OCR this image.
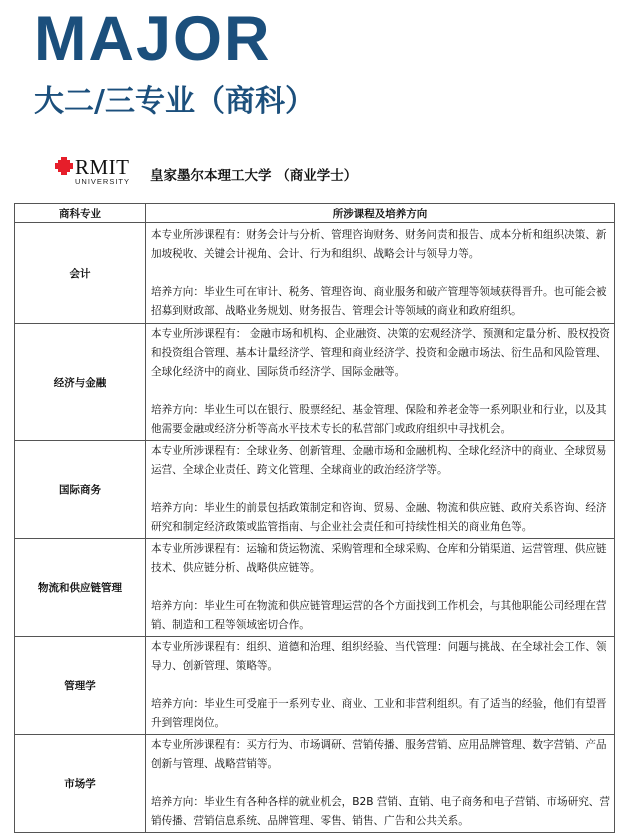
MAJOR
大二/三专业（商科）
RMIT
UNIVERSITY 皇家墨尔本理工大学 （商业学士）
商科专业	所涉课程及培养方向
会计	本专业所涉课程有：财务会计与分析、管理咨询财务、财务问责和报告、成本分析和组织决策、新加坡税收、关键会计视角、会计、行为和组织、战略会计与领导力等。

培养方向：毕业生可在审计、税务、管理咨询、商业服务和破产管理等领域获得晋升。也可能会被招募到财政部、战略业务规划、财务报告、管理会计等领域的商业和政府组织。

经济与金融	本专业所涉课程有： 金融市场和机构、企业融资、决策的宏观经济学、预测和定量分析、股权投资和投资组合管理、基本计量经济学、管理和商业经济学、投资和金融市场法、衍生品和风险管理、全球化经济中的商业、国际货币经济学、国际金融等。

培养方向：毕业生可以在银行、股票经纪、基金管理、保险和养老金等一系列职业和行业，以及其他需要金融或经济分析等高水平技术专长的私营部门或政府组织中寻找机会。

国际商务	本专业所涉课程有：全球业务、创新管理、金融市场和金融机构、全球化经济中的商业、全球贸易运营、全球企业责任、跨文化管理、全球商业的政治经济学等。

培养方向：毕业生的前景包括政策制定和咨询、贸易、金融、物流和供应链、政府关系咨询、经济研究和制定经济政策或监管指南、与企业社会责任和可持续性相关的商业角色等。

物流和供应链管理	本专业所涉课程有：运输和货运物流、采购管理和全球采购、仓库和分销渠道、运营管理、供应链技术、供应链分析、战略供应链等。

培养方向：毕业生可在物流和供应链管理运营的各个方面找到工作机会，与其他职能公司经理在营销、制造和工程等领域密切合作。

管理学	本专业所涉课程有：组织、道德和治理、组织经验、当代管理：问题与挑战、在全球社会工作、领导力、创新管理、策略等。

培养方向：毕业生可受雇于一系列专业、商业、工业和非营利组织。有了适当的经验，他们有望晋升到管理岗位。

市场学	本专业所涉课程有：买方行为、市场调研、营销传播、服务营销、应用品牌管理、数字营销、产品创新与管理、战略营销等。

培养方向：毕业生有各种各样的就业机会，B2B 营销、直销、电子商务和电子营销、市场研究、营销传播、营销信息系统、品牌管理、零售、销售、广告和公共关系。
